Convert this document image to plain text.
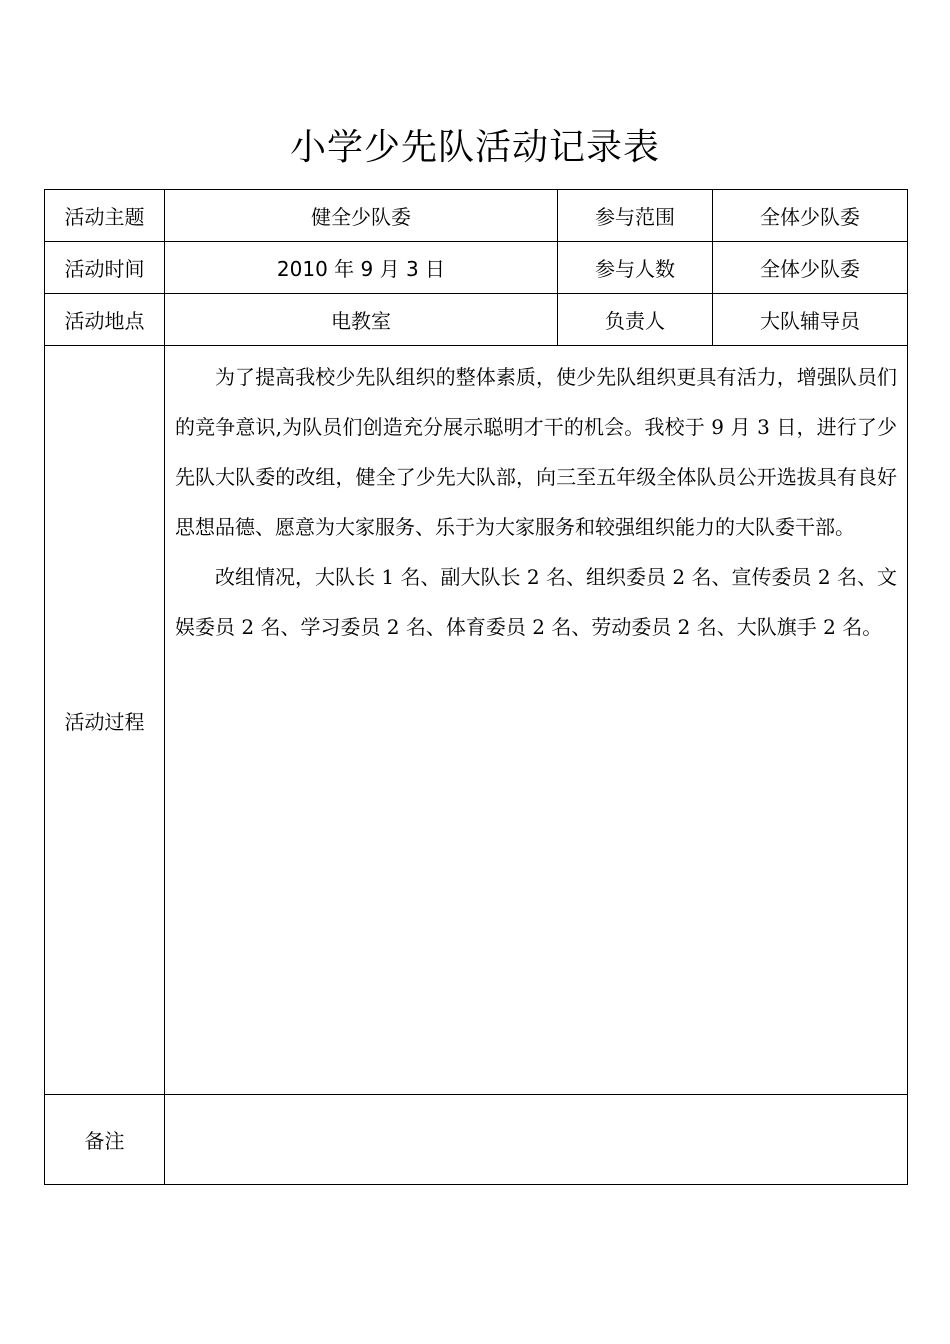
小学少先队活动记录表
活动主题	健全少队委	参与范围	全体少队委
活动时间	2010 年 9 月 3 日	参与人数	全体少队委
活动地点	电教室	负责人	大队辅导员
活动过程	为了提高我校少先队组织的整体素质，使少先队组织更具有活力，增强队员们的竞争意识,为队员们创造充分展示聪明才干的机会。我校于 9 月 3 日，进行了少先队大队委的改组，健全了少先大队部，向三至五年级全体队员公开选拔具有良好思想品德、愿意为大家服务、乐于为大家服务和较强组织能力的大队委干部。

改组情况，大队长 1 名、副大队长 2 名、组织委员 2 名、宣传委员 2 名、文娱委员 2 名、学习委员 2 名、体育委员 2 名、劳动委员 2 名、大队旗手 2 名。		

备注			
